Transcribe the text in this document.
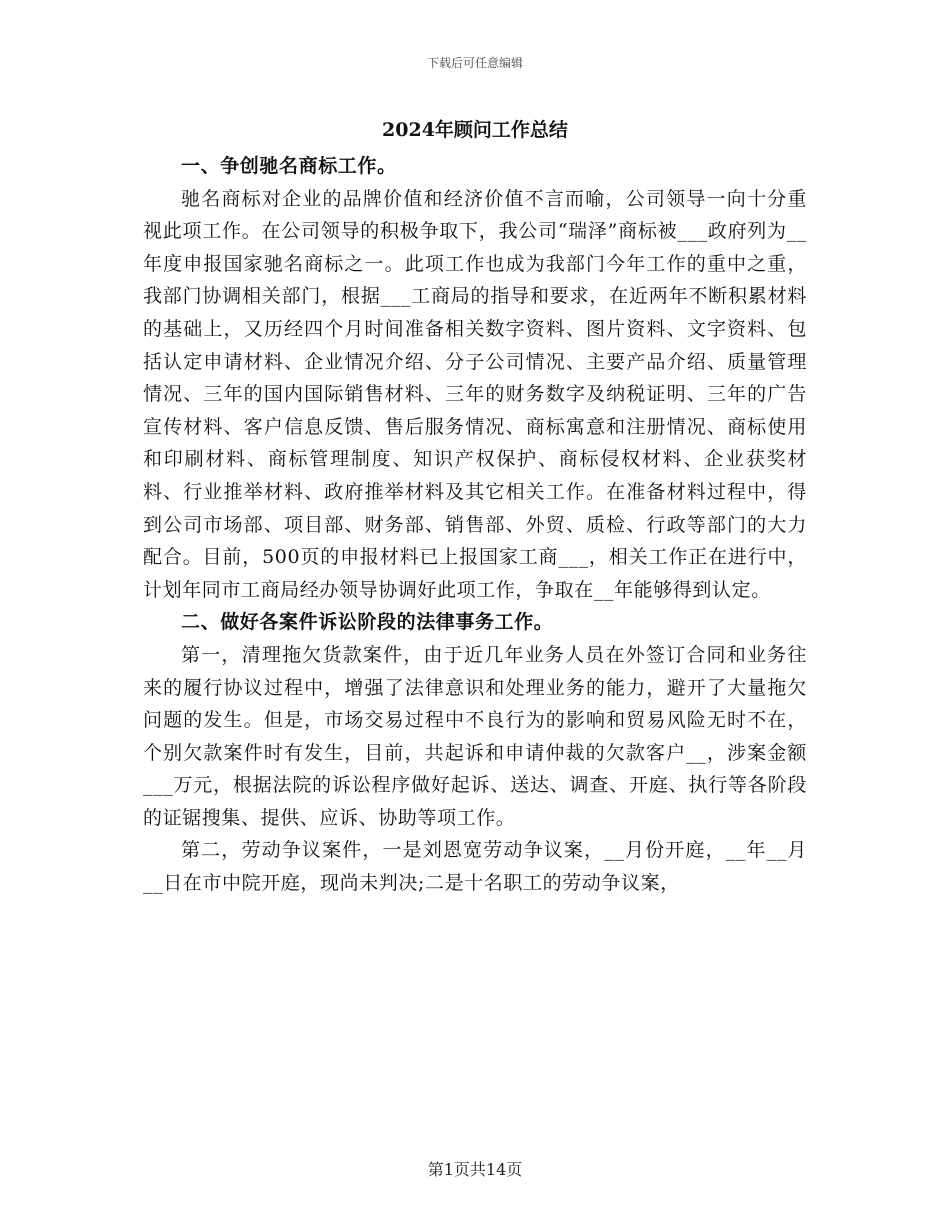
下载后可任意编辑
2024年顾问工作总结

一、争创驰名商标工作。

驰名商标对企业的品牌价值和经济价值不言而喻，公司领导一向十分重视此项工作。在公司领导的积极争取下，我公司“瑞泽”商标被___政府列为__年度申报国家驰名商标之一。此项工作也成为我部门今年工作的重中之重，我部门协调相关部门，根据___工商局的指导和要求，在近两年不断积累材料的基础上，又历经四个月时间准备相关数字资料、图片资料、文字资料、包括认定申请材料、企业情况介绍、分子公司情况、主要产品介绍、质量管理情况、三年的国内国际销售材料、三年的财务数字及纳税证明、三年的广告宣传材料、客户信息反馈、售后服务情况、商标寓意和注册情况、商标使用和印刷材料、商标管理制度、知识产权保护、商标侵权材料、企业获奖材料、行业推举材料、政府推举材料及其它相关工作。在准备材料过程中，得到公司市场部、项目部、财务部、销售部、外贸、质检、行政等部门的大力配合。目前，500页的申报材料已上报国家工商___，相关工作正在进行中，计划年同市工商局经办领导协调好此项工作，争取在__年能够得到认定。

二、做好各案件诉讼阶段的法律事务工作。

第一，清理拖欠货款案件，由于近几年业务人员在外签订合同和业务往来的履行协议过程中，增强了法律意识和处理业务的能力，避开了大量拖欠问题的发生。但是，市场交易过程中不良行为的影响和贸易风险无时不在，个别欠款案件时有发生，目前，共起诉和申请仲裁的欠款客户__，涉案金额___万元，根据法院的诉讼程序做好起诉、送达、调查、开庭、执行等各阶段的证锯搜集、提供、应诉、协助等项工作。

第二，劳动争议案件，一是刘恩宽劳动争议案，__月份开庭，__年__月__日在市中院开庭，现尚未判决;二是十名职工的劳动争议案，

第1页共14页
